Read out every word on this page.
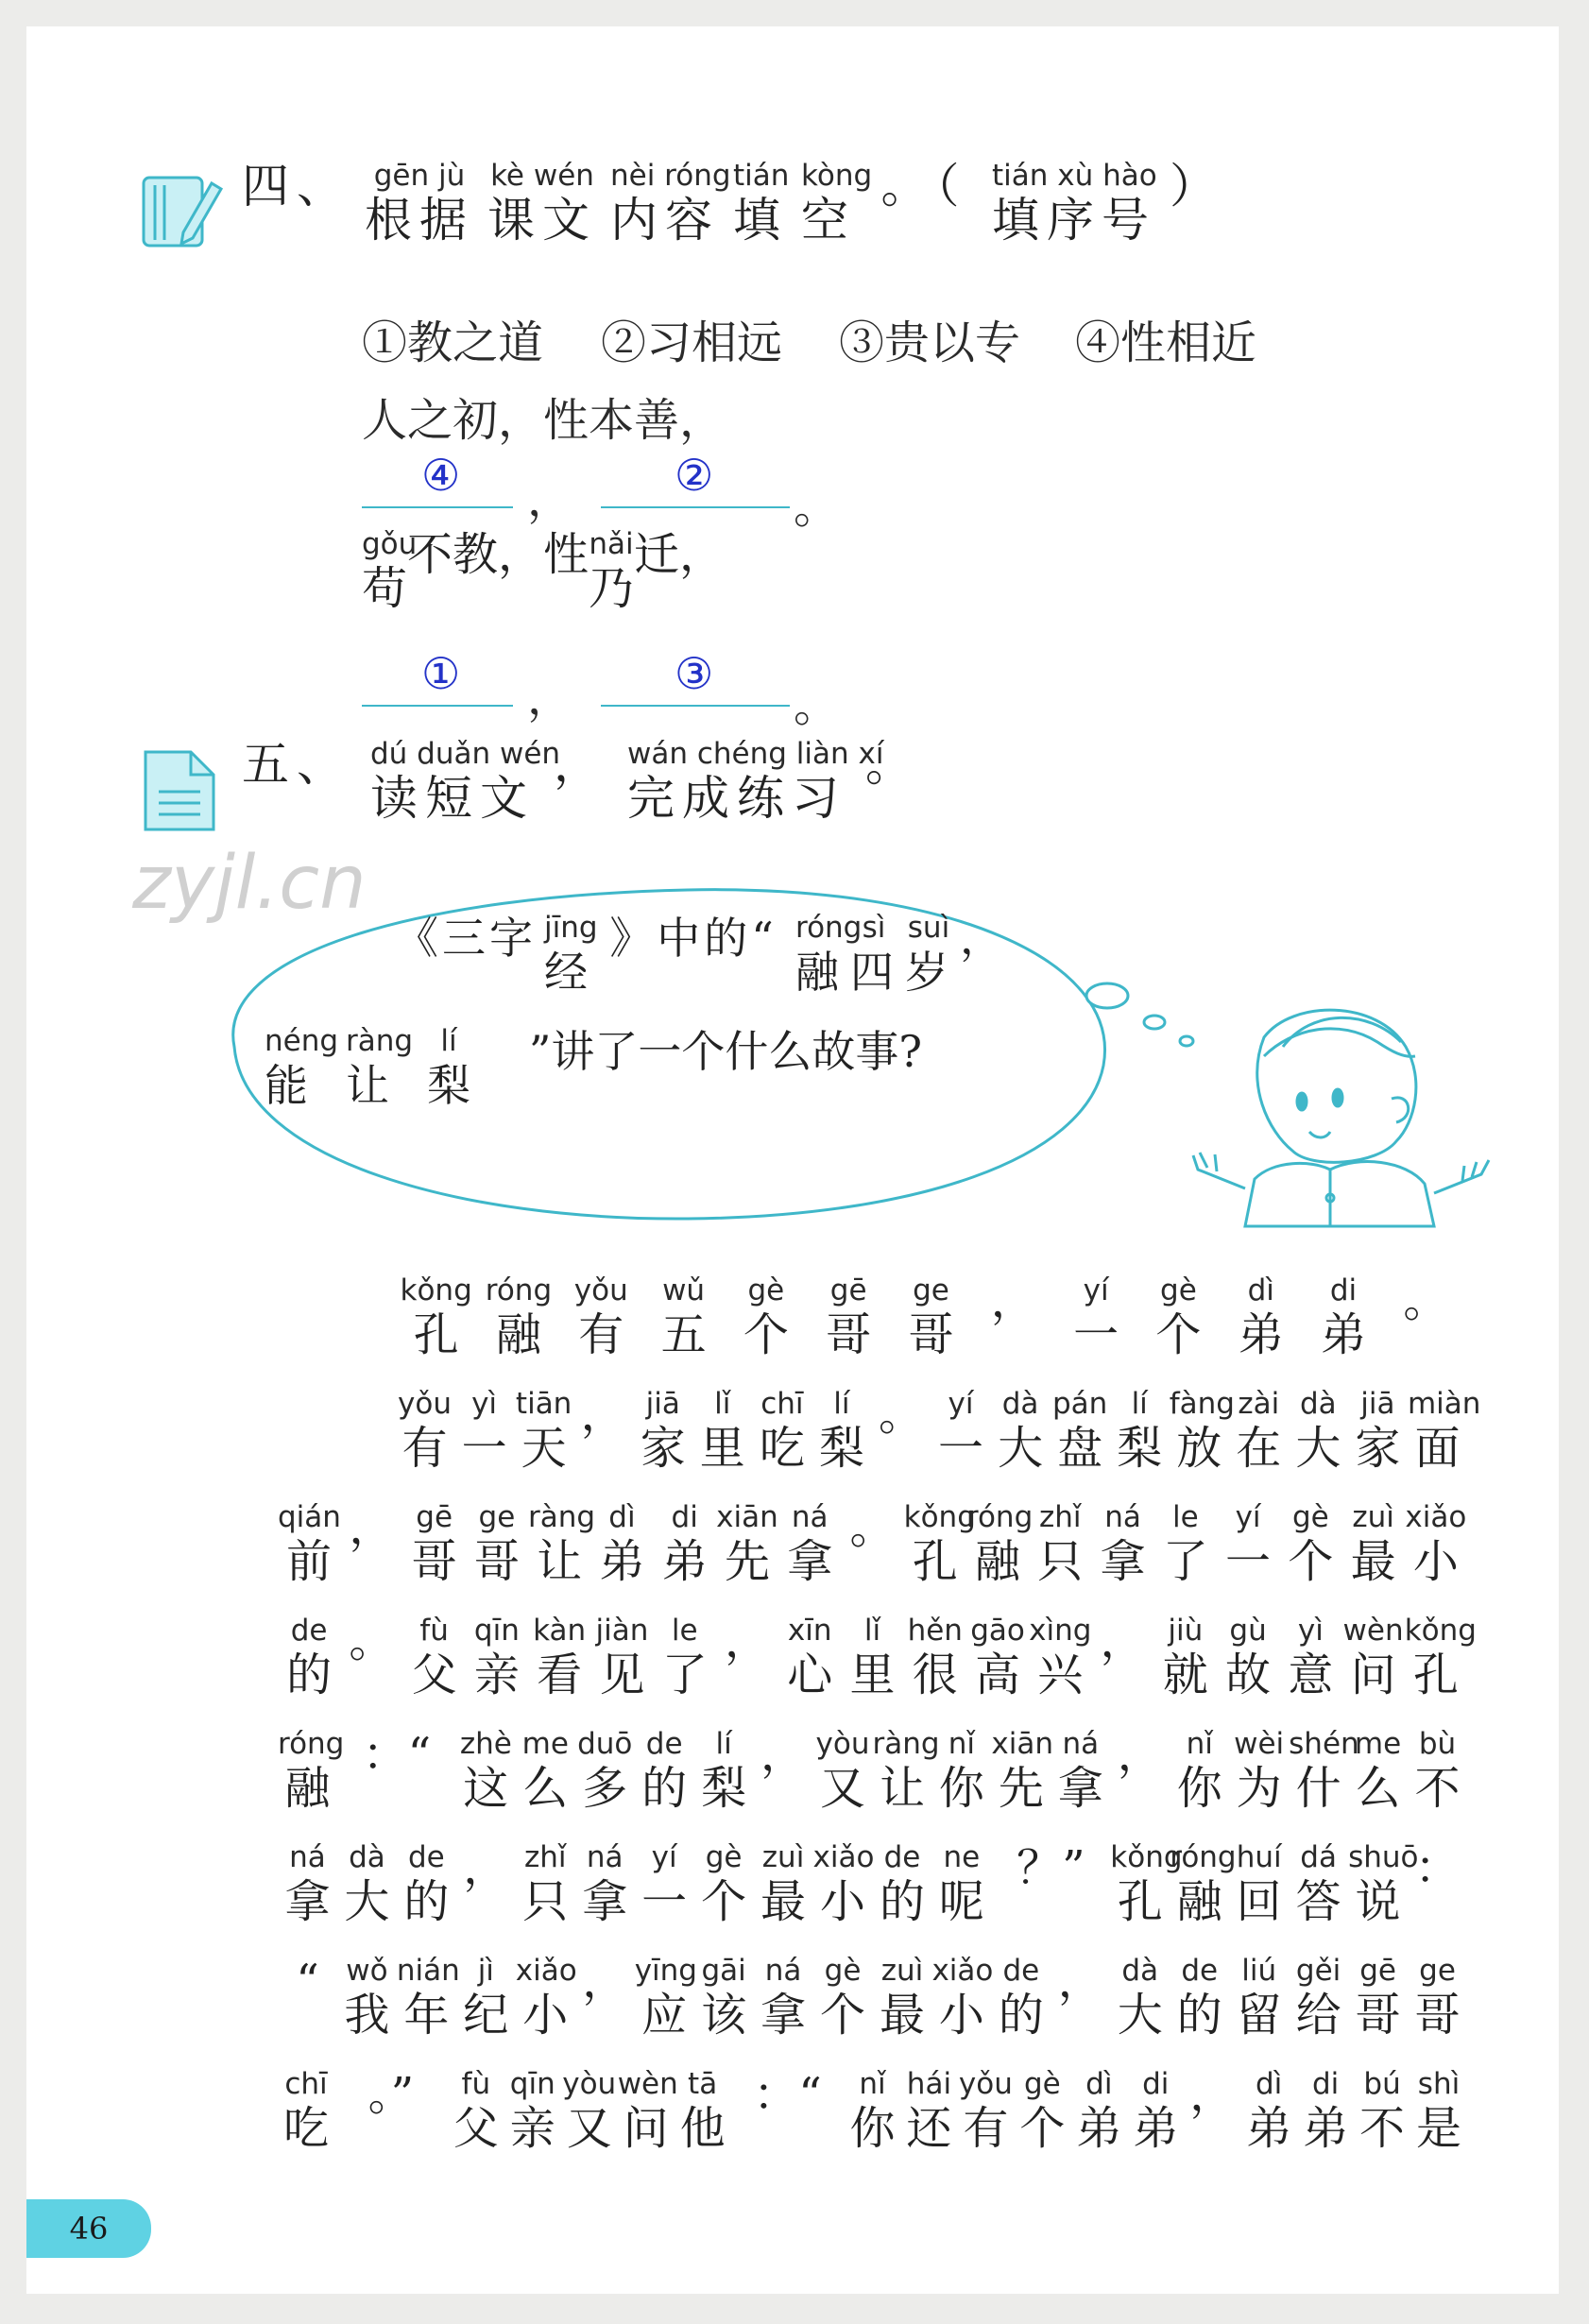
四、 gēn jù
根据
kè wén
课文
nèi róng
内容
tián
填
kòng
空
。（ tián xù hào
填序号
）
①教之道 ②习相远 ③贵以专 ④性相近
人之初，性本善，
④ ， ②
。
gǒu
苟
不教，性 nǎi
乃
迁，
① ， ③
。
五、 dú duǎn wén
读短文
， wán chéng liàn xí
完成练习
。
zyjl.cn
《三字 jīng
经
》中的“ róng
融
sì
四
suì
岁
，
néng
能
ràng
让
lí
梨
”讲了一个什么故事?
kǒng
孔
róng
融
yǒu
有
wǔ
五
gè
个
gē
哥
ge
哥
，	yí
一
gè
个
dì
弟
di
弟
。
yǒu
有
yì
一
tiān
天
， jiā
家
lǐ
里
chī
吃
lí
梨
。 yí
一
dà
大
pán
盘
lí
梨
fàng
放
zài
在
dà
大
jiā
家
miàn
面
qián
前
， gē
哥
ge
哥
ràng
让
dì
弟
di
弟
xiān
先
ná
拿
。 kǒng
孔
róng
融
zhǐ
只
ná
拿
le
了
yí
一
gè
个
zuì
最
xiǎo
小
de
的
。 fù
父
qīn
亲
kàn
看
jiàn
见
le
了
， xīn
心
lǐ
里
hěn
很
gāo
高
xìng
兴
， jiù
就
gù
故
yì
意
wèn
问
kǒng
孔
róng
融
：“ zhè
这
me
么
duō
多
de
的
lí
梨
， yòu
又
ràng
让
nǐ
你
xiān
先
ná
拿
， nǐ
你
wèi
为
shén
什
me
么
bù
不
ná
拿
dà
大
de
的
， zhǐ
只
ná
拿
yí
一
gè
个
zuì
最
xiǎo
小
de
的
ne
呢
？” kǒng
孔
róng
融
huí
回
dá
答
shuō
说
：
“ wǒ
我
nián
年
jì
纪
xiǎo
小
， yīng
应
gāi
该
ná
拿
gè
个
zuì
最
xiǎo
小
de
的
， dà
大
de
的
liú
留
gěi
给
gē
哥
ge
哥
chī
吃
。”	fù
父
qīn
亲
yòu
又
wèn
问
tā
他
：“	nǐ
你
hái
还
yǒu
有
gè
个
dì
弟
di
弟
， dì
弟
di
弟
bú
不
shì
是
46
